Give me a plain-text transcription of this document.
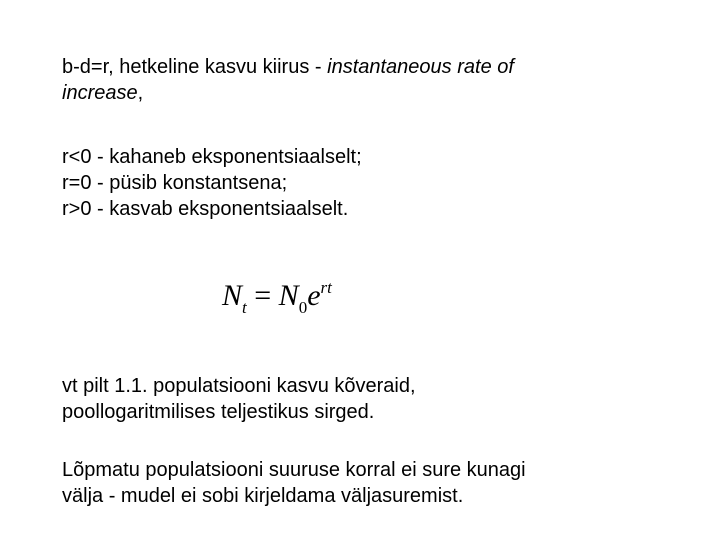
b-d=r, hetkeline kasvu kiirus - instantaneous rate of
increase,
r<0 - kahaneb eksponentsiaalselt;
r=0 - püsib konstantsena;
r>0 - kasvab eksponentsiaalselt.
$N_t = N_0e^{rt}$
vt pilt 1.1. populatsiooni kasvu kõveraid,
poollogaritmilises teljestikus sirged.
Lõpmatu populatsiooni suuruse korral ei sure kunagi
välja - mudel ei sobi kirjeldama väljasuremist.
